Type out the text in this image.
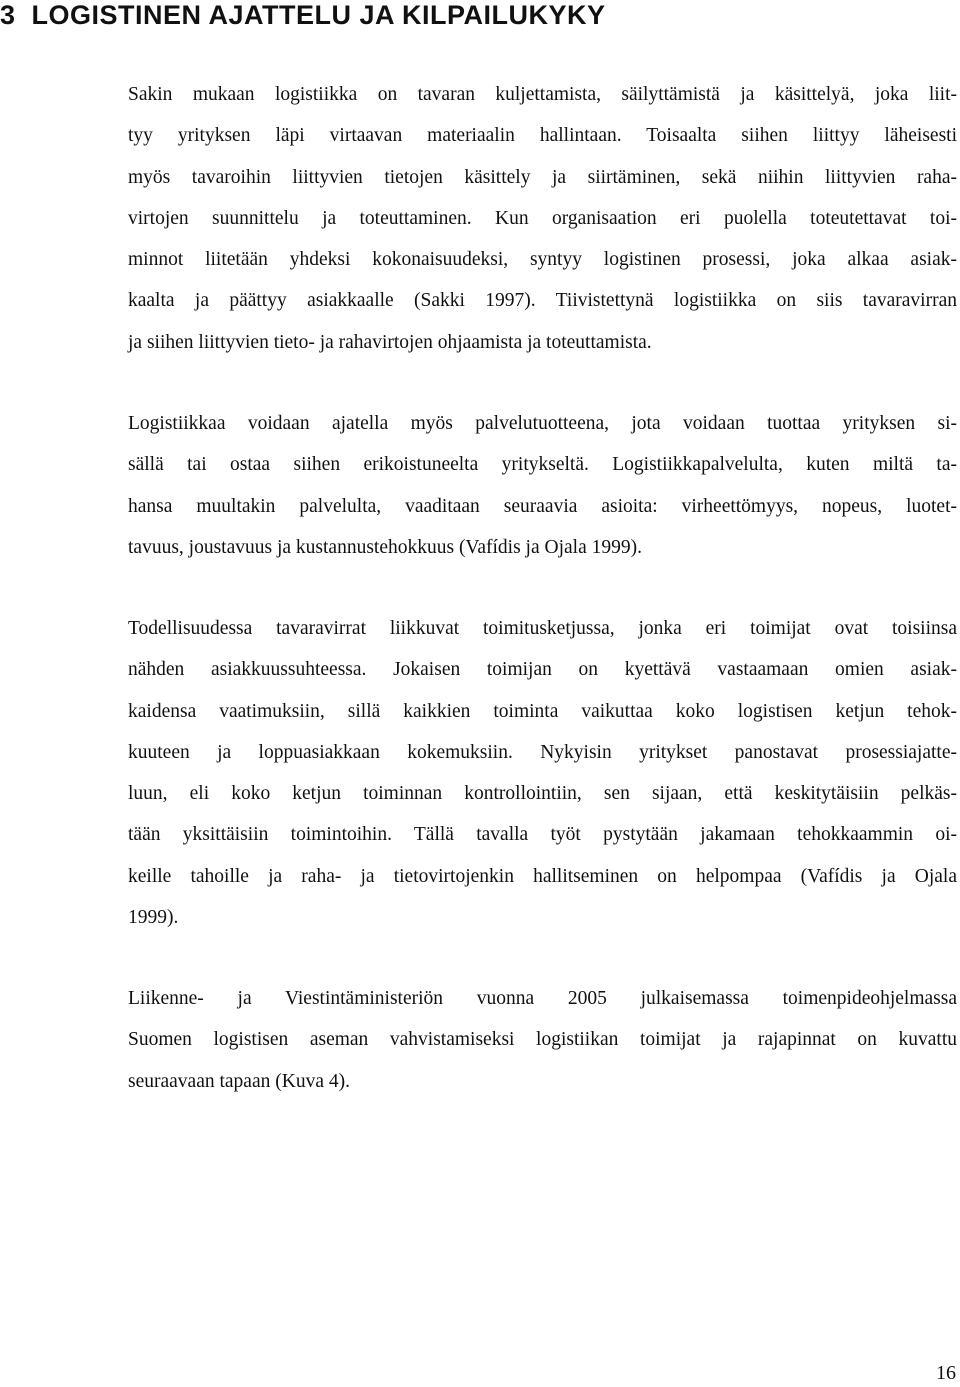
3 LOGISTINEN AJATTELU JA KILPAILUKYKY
Sakin mukaan logistiikka on tavaran kuljettamista, säilyttämistä ja käsittelyä, joka liit-
tyy yrityksen läpi virtaavan materiaalin hallintaan. Toisaalta siihen liittyy läheisesti
myös tavaroihin liittyvien tietojen käsittely ja siirtäminen, sekä niihin liittyvien raha-
virtojen suunnittelu ja toteuttaminen. Kun organisaation eri puolella toteutettavat toi-
minnot liitetään yhdeksi kokonaisuudeksi, syntyy logistinen prosessi, joka alkaa asiak-
kaalta ja päättyy asiakkaalle (Sakki 1997). Tiivistettynä logistiikka on siis tavaravirran
ja siihen liittyvien tieto- ja rahavirtojen ohjaamista ja toteuttamista.
Logistiikkaa voidaan ajatella myös palvelutuotteena, jota voidaan tuottaa yrityksen si-
sällä tai ostaa siihen erikoistuneelta yritykseltä. Logistiikkapalvelulta, kuten miltä ta-
hansa muultakin palvelulta, vaaditaan seuraavia asioita: virheettömyys, nopeus, luotet-
tavuus, joustavuus ja kustannustehokkuus (Vafídis ja Ojala 1999).
Todellisuudessa tavaravirrat liikkuvat toimitusketjussa, jonka eri toimijat ovat toisiinsa
nähden asiakkuussuhteessa. Jokaisen toimijan on kyettävä vastaamaan omien asiak-
kaidensa vaatimuksiin, sillä kaikkien toiminta vaikuttaa koko logistisen ketjun tehok-
kuuteen ja loppuasiakkaan kokemuksiin. Nykyisin yritykset panostavat prosessiajatte-
luun, eli koko ketjun toiminnan kontrollointiin, sen sijaan, että keskitytäisiin pelkäs-
tään yksittäisiin toimintoihin. Tällä tavalla työt pystytään jakamaan tehokkaammin oi-
keille tahoille ja raha- ja tietovirtojenkin hallitseminen on helpompaa (Vafídis ja Ojala
1999).
Liikenne- ja Viestintäministeriön vuonna 2005 julkaisemassa toimenpideohjelmassa
Suomen logistisen aseman vahvistamiseksi logistiikan toimijat ja rajapinnat on kuvattu
seuraavaan tapaan (Kuva 4).
16
